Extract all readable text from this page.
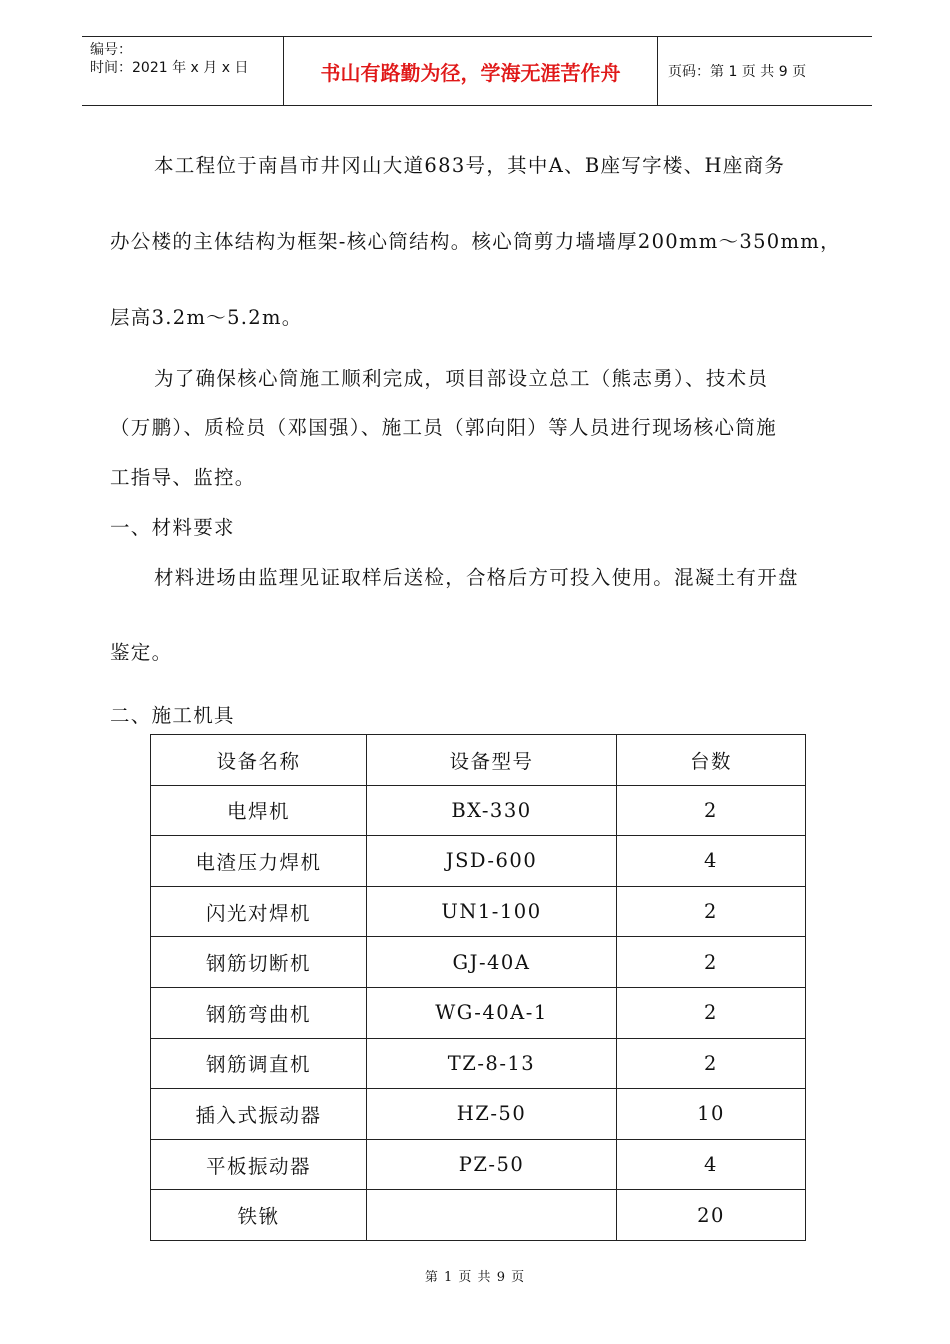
编号：
时间：2021 年 x 月 x 日	书山有路勤为径，学海无涯苦作舟	页码：第 1 页 共 9 页
本工程位于南昌市井冈山大道683号，其中A、B座写字楼、H座商务
办公楼的主体结构为框架-核心筒结构。核心筒剪力墙墙厚200mm～350mm，
层高3.2m～5.2m。
为了确保核心筒施工顺利完成，项目部设立总工（熊志勇）、技术员
（万鹏）、质检员（邓国强）、施工员（郭向阳）等人员进行现场核心筒施
工指导、监控。
一、材料要求
材料进场由监理见证取样后送检，合格后方可投入使用。混凝土有开盘
鉴定。
二、施工机具
设备名称	设备型号	台数
电焊机	BX-330	2
电渣压力焊机	JSD-600	4
闪光对焊机	UN1-100	2
钢筋切断机	GJ-40A	2
钢筋弯曲机	WG-40A-1	2
钢筋调直机	TZ-8-13	2
插入式振动器	HZ-50	10
平板振动器	PZ-50	4
铁锹		20
第 1 页 共 9 页
